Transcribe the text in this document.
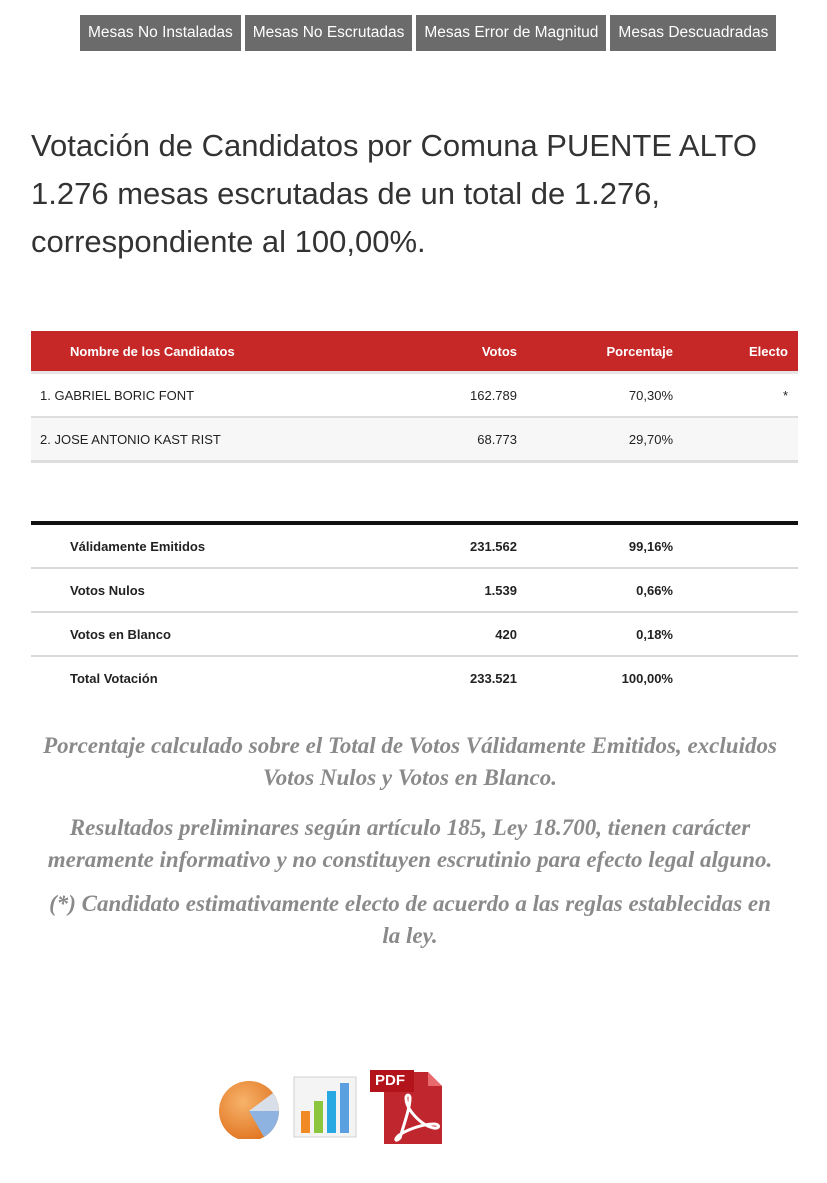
Mesas No Instaladas	Mesas No Escrutadas	Mesas Error de Magnitud	Mesas Descuadradas
Votación de Candidatos por Comuna PUENTE ALTO
1.276 mesas escrutadas de un total de 1.276,
correspondiente al 100,00%.
Nombre de los Candidatos	Votos	Porcentaje	Electo
1. GABRIEL BORIC FONT	162.789	70,30%	*
2. JOSE ANTONIO KAST RIST	68.773	29,70%	
Válidamente Emitidos	231.562	99,16%	
Votos Nulos	1.539	0,66%	
Votos en Blanco	420	0,18%	
Total Votación	233.521	100,00%	

Porcentaje calculado sobre el Total de Votos Válidamente Emitidos, excluidos Votos Nulos y Votos en Blanco.

Resultados preliminares según artículo 185, Ley 18.700, tienen carácter meramente informativo y no constituyen escrutinio para efecto legal alguno.

(*) Candidato estimativamente electo de acuerdo a las reglas establecidas en la ley.

PDF
